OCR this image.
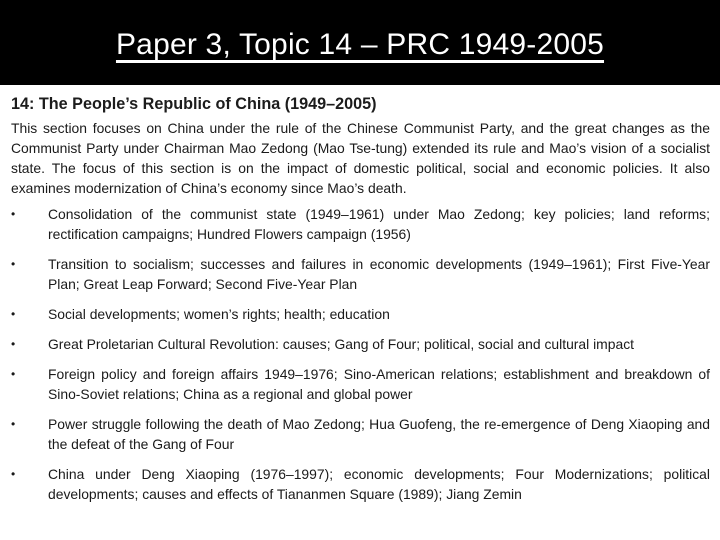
Paper 3, Topic 14 – PRC 1949-2005
14: The People’s Republic of China (1949–2005)

This section focuses on China under the rule of the Chinese Communist Party, and the great changes as the Communist Party under Chairman Mao Zedong (Mao Tse-tung) extended its rule and Mao’s vision of a socialist state. The focus of this section is on the impact of domestic political, social and economic policies. It also examines modernization of China’s economy since Mao’s death.

• Consolidation of the communist state (1949–1961) under Mao Zedong; key policies; land reforms; rectification campaigns; Hundred Flowers campaign (1956)
• Transition to socialism; successes and failures in economic developments (1949–1961); First Five-Year Plan; Great Leap Forward; Second Five-Year Plan
• Social developments; women’s rights; health; education
• Great Proletarian Cultural Revolution: causes; Gang of Four; political, social and cultural impact
• Foreign policy and foreign affairs 1949–1976; Sino-American relations; establishment and breakdown of Sino-Soviet relations; China as a regional and global power
• Power struggle following the death of Mao Zedong; Hua Guofeng, the re-emergence of Deng Xiaoping and the defeat of the Gang of Four
• China under Deng Xiaoping (1976–1997); economic developments; Four Modernizations; political developments; causes and effects of Tiananmen Square (1989); Jiang Zemin
